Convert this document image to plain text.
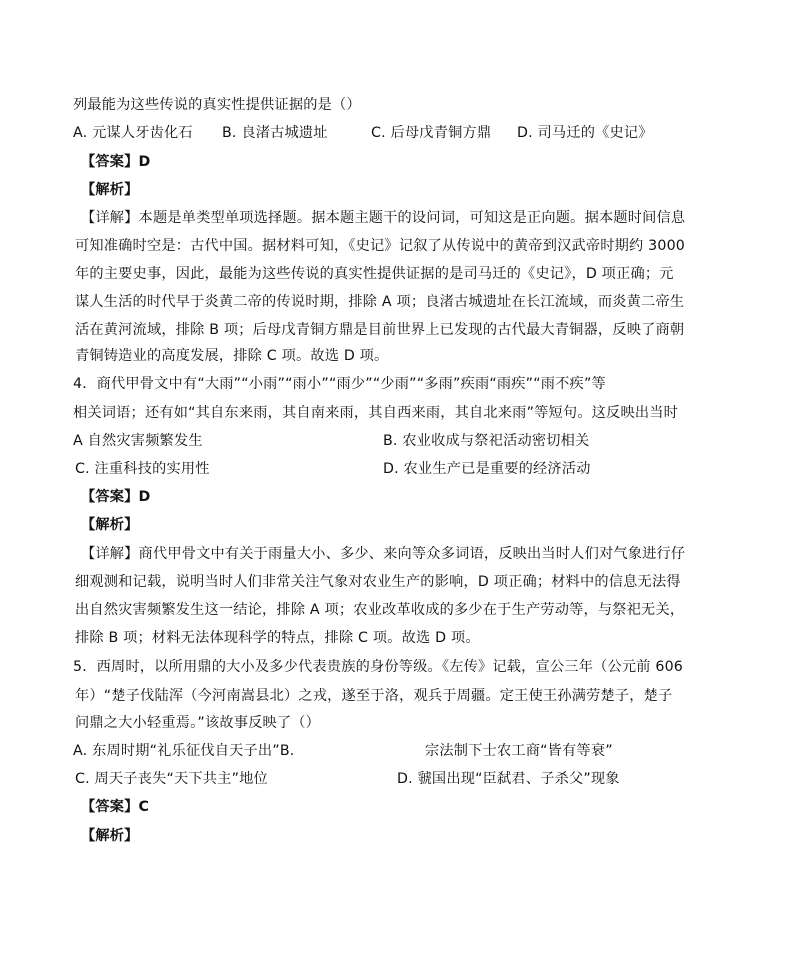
列最能为这些传说的真实性提供证据的是（）
A. 元谋人牙齿化石 B. 良渚古城遗址	C. 后母戊青铜方鼎 D. 司马迁的《史记》
【答案】D
【解析】
【详解】本题是单类型单项选择题。据本题主题干的设问词，可知这是正向题。据本题时间信息
可知准确时空是：古代中国。据材料可知，《史记》记叙了从传说中的黄帝到汉武帝时期约 3000
年的主要史事，因此，最能为这些传说的真实性提供证据的是司马迁的《史记》，D 项正确；元
谋人生活的时代早于炎黄二帝的传说时期，排除 A 项；良渚古城遗址在长江流域，而炎黄二帝生
活在黄河流域，排除 B 项；后母戊青铜方鼎是目前世界上已发现的古代最大青铜器，反映了商朝
青铜铸造业的高度发展，排除 C 项。故选 D 项。
4．商代甲骨文中有“大雨”“小雨”“雨小”“雨少”“少雨”“多雨”疾雨“雨疾”“雨不疾”等
相关词语；还有如“其自东来雨，其自南来雨，其自西来雨，其自北来雨”等短句。这反映出当时
A 自然灾害频繁发生	B. 农业收成与祭祀活动密切相关
C. 注重科技的实用性	D. 农业生产已是重要的经济活动
【答案】D
【解析】
【详解】商代甲骨文中有关于雨量大小、多少、来向等众多词语，反映出当时人们对气象进行仔
细观测和记载，说明当时人们非常关注气象对农业生产的影响，D 项正确；材料中的信息无法得
出自然灾害频繁发生这一结论，排除 A 项；农业改革收成的多少在于生产劳动等，与祭祀无关，
排除 B 项；材料无法体现科学的特点，排除 C 项。故选 D 项。
5．西周时，以所用鼎的大小及多少代表贵族的身份等级。《左传》记载，宣公三年（公元前 606
年）“楚子伐陆浑（今河南嵩县北）之戎，遂至于洛，观兵于周疆。定王使王孙满劳楚子，楚子
问鼎之大小轻重焉。”该故事反映了（）
A. 东周时期“礼乐征伐自天子出”B.	宗法制下士农工商“皆有等衰”
C. 周天子丧失“天下共主”地位	D. 虢国出现“臣弑君、子杀父”现象
【答案】C
【解析】
